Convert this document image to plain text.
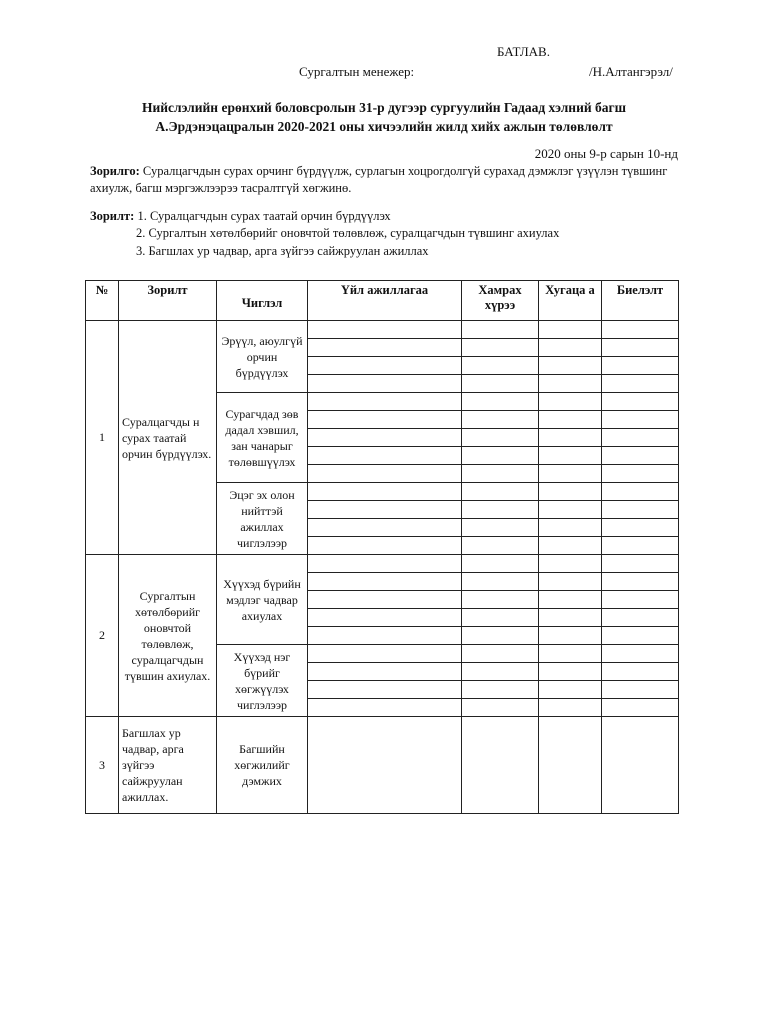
БАТЛАВ.
Сургалтын менежер:	/Н.Алтангэрэл/
Нийслэлийн ерөнхий боловсролын 31-р дугээр сургуулийн Гадаад хэлний багш
А.Эрдэнэцацралын 2020-2021 оны хичээлийн жилд хийх ажлын төлөвлөлт
2020 оны 9-р сарын 10-нд
Зорилго: Суралцагчдын сурах орчинг бүрдүүлж, сурлагын хоцрогдолгүй сурахад дэмжлэг үзүүлэн түвшинг ахиулж, багш мэргэжлээрээ тасралтгүй хөгжинө.
Зорилт: 1. Суралцагчдын сурах таатай орчин бүрдүүлэх
2. Сургалтын хөтөлбөрийг оновчтой төлөвлөж, суралцагчдын түвшинг ахиулах
3. Багшлах ур чадвар, арга зүйгээ сайжруулан ажиллах
№	Зорилт	Чиглэл	Үйл ажиллагаа	Хамрах хүрээ	Хугаца а	Биелэлт
1	Суралцагчды н сурах таатай орчин бүрдүүлэх.	Эрүүл, аюулгүй орчин бүрдүүлэх				

		Сурагчдад зөв дадал хэвшил, зан чанарыг төлөвшүүлэх				

		Эцэг эх олон нийттэй ажиллах чиглэлээр				

2	Сургалтын хөтөлбөрийг оновчтой төлөвлөж, суралцагчдын түвшин ахиулах.	Хүүхэд бүрийн мэдлэг чадвар ахиулах				

		Хүүхэд нэг бүрийг хөгжүүлэх чиглэлээр				

3	Багшлах ур чадвар, арга зүйгээ сайжруулан ажиллах.	Багшийн хөгжилийг дэмжих				
